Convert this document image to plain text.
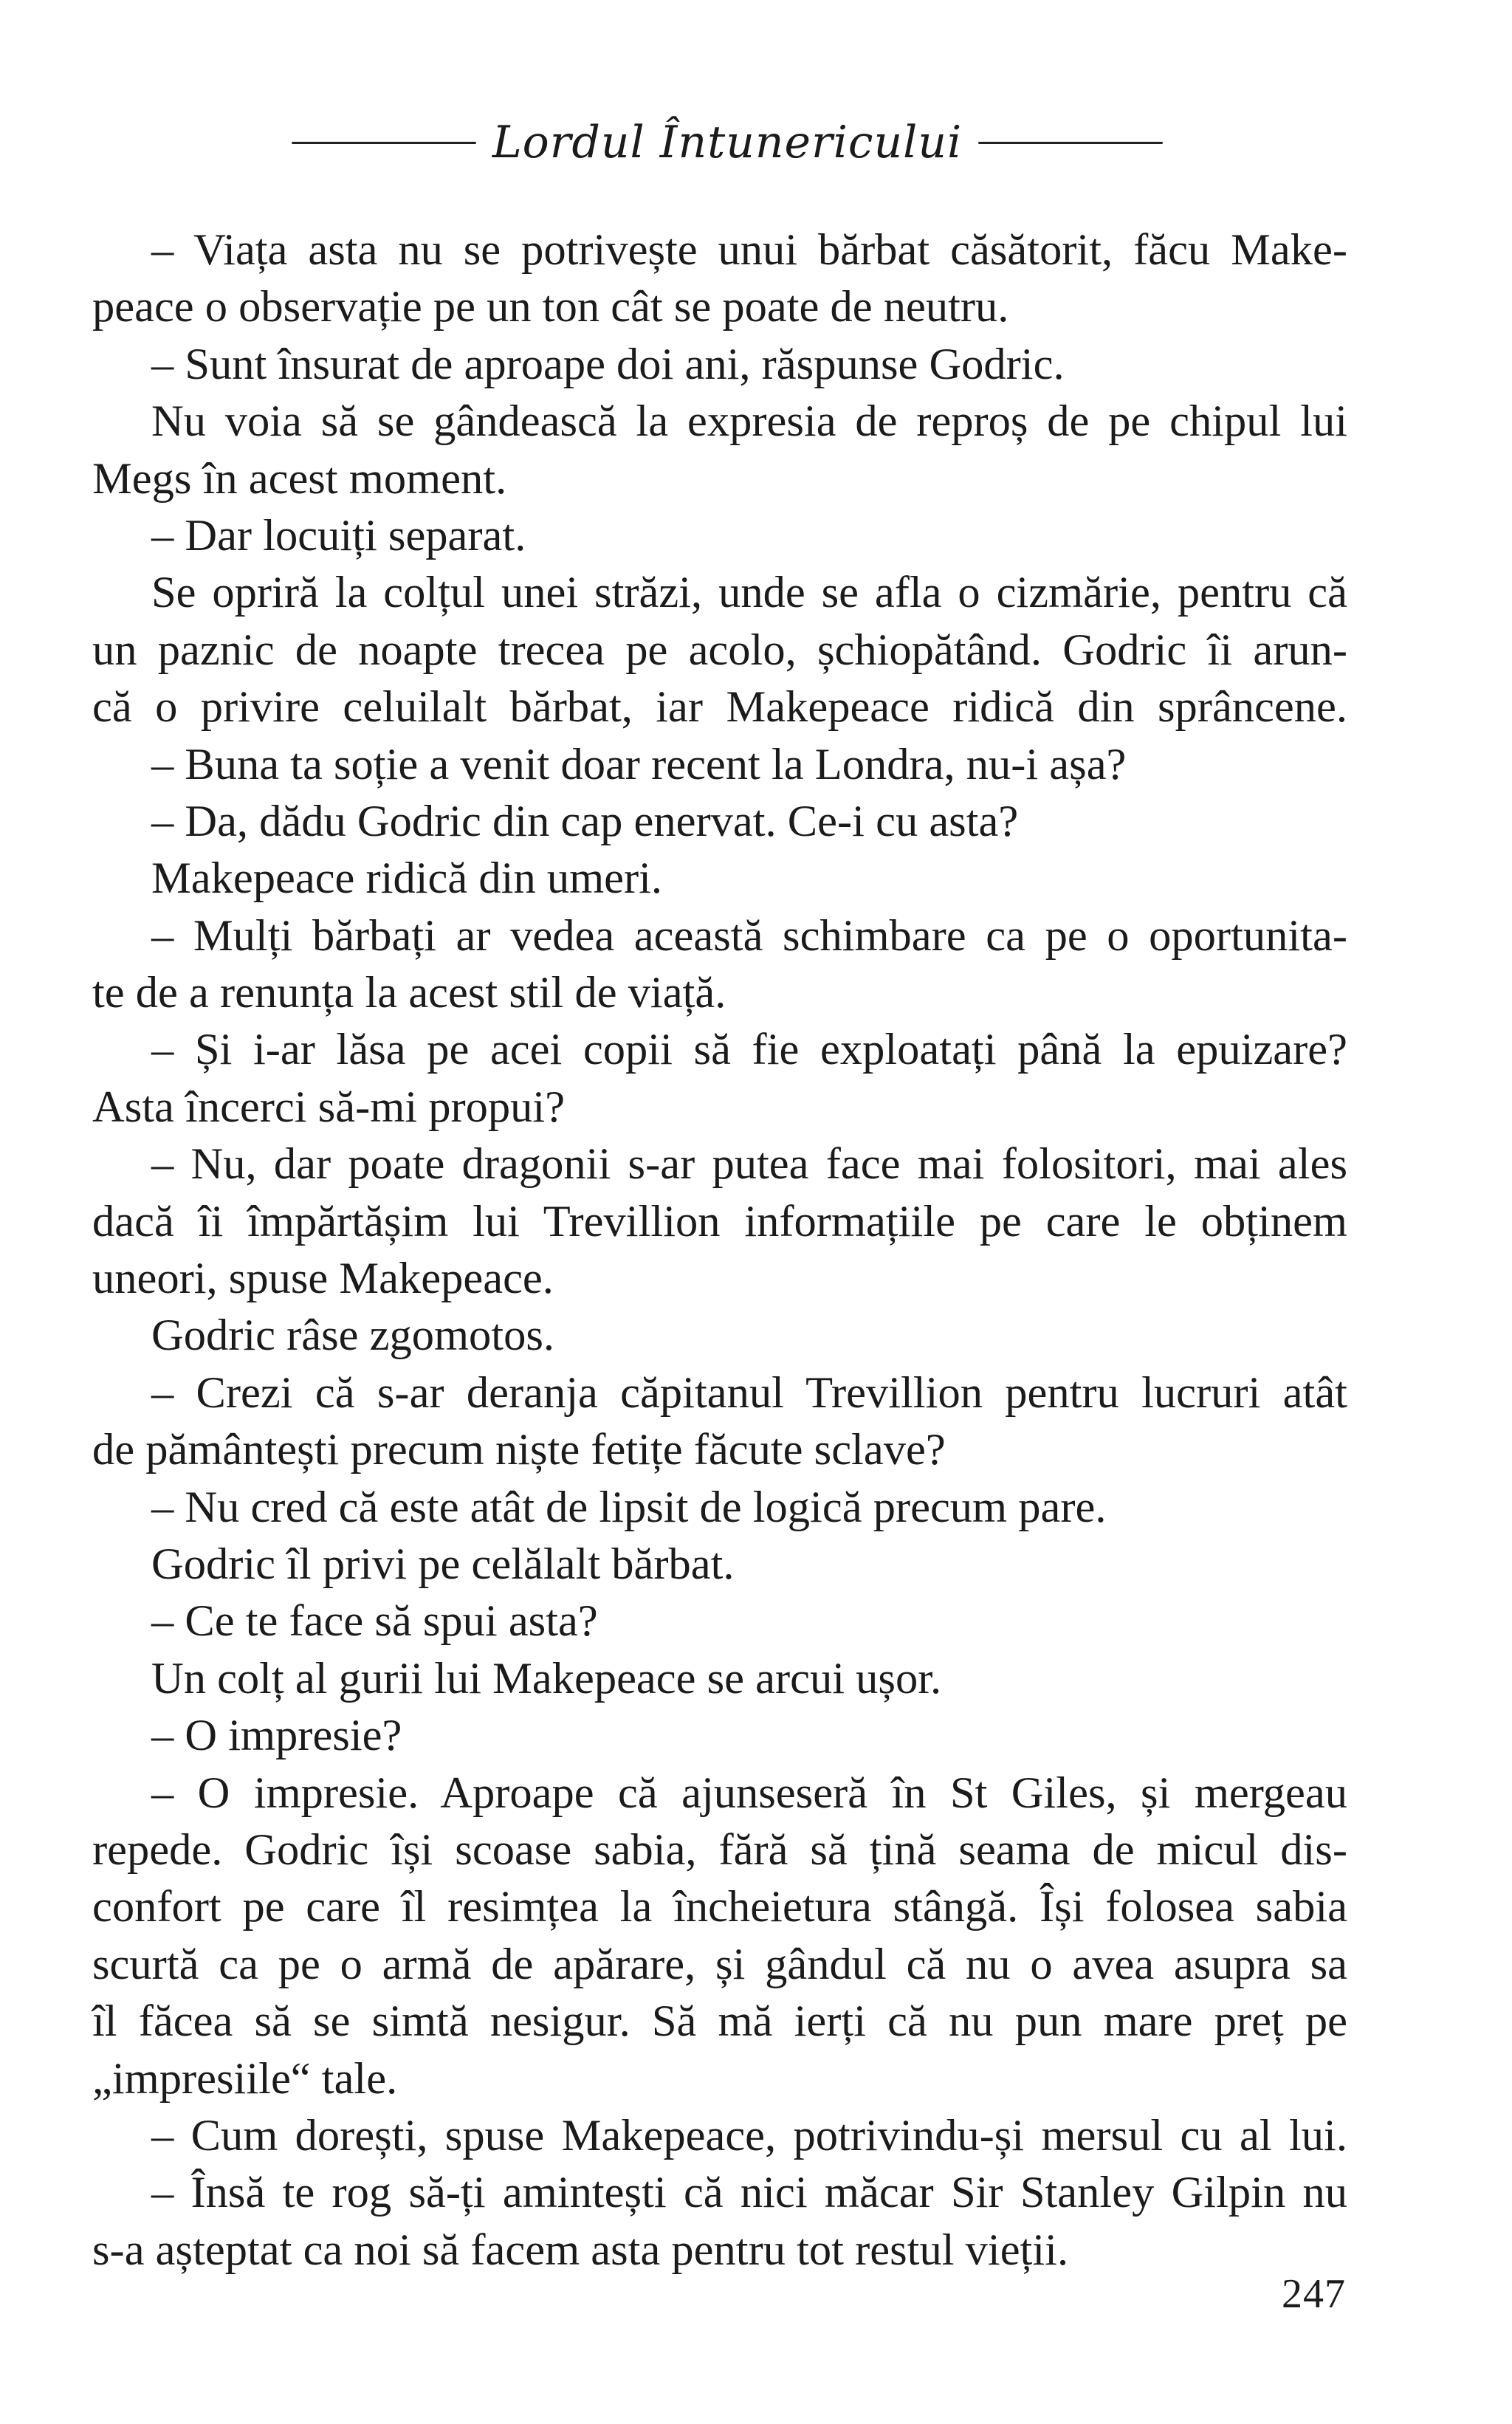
Lordul Întunericului
– Viața asta nu se potrivește unui bărbat căsătorit, făcu Make-
peace o observație pe un ton cât se poate de neutru.
– Sunt însurat de aproape doi ani, răspunse Godric.
Nu voia să se gândească la expresia de reproș de pe chipul lui
Megs în acest moment.
– Dar locuiți separat.
Se opriră la colțul unei străzi, unde se afla o cizmărie, pentru că
un paznic de noapte trecea pe acolo, șchiopătând. Godric îi arun-
că o privire celuilalt bărbat, iar Makepeace ridică din sprâncene.
– Buna ta soție a venit doar recent la Londra, nu-i așa?
– Da, dădu Godric din cap enervat. Ce-i cu asta?
Makepeace ridică din umeri.
– Mulți bărbați ar vedea această schimbare ca pe o oportunita-
te de a renunța la acest stil de viață.
– Și i-ar lăsa pe acei copii să fie exploatați până la epuizare?
Asta încerci să-mi propui?
– Nu, dar poate dragonii s-ar putea face mai folositori, mai ales
dacă îi împărtășim lui Trevillion informațiile pe care le obținem
uneori, spuse Makepeace.
Godric râse zgomotos.
– Crezi că s-ar deranja căpitanul Trevillion pentru lucruri atât
de pământești precum niște fetițe făcute sclave?
– Nu cred că este atât de lipsit de logică precum pare.
Godric îl privi pe celălalt bărbat.
– Ce te face să spui asta?
Un colț al gurii lui Makepeace se arcui ușor.
– O impresie?
– O impresie. Aproape că ajunseseră în St Giles, și mergeau
repede. Godric își scoase sabia, fără să țină seama de micul dis-
confort pe care îl resimțea la încheietura stângă. Își folosea sabia
scurtă ca pe o armă de apărare, și gândul că nu o avea asupra sa
îl făcea să se simtă nesigur. Să mă ierți că nu pun mare preț pe
„impresiile“ tale.
– Cum dorești, spuse Makepeace, potrivindu-și mersul cu al lui.
– Însă te rog să-ți amintești că nici măcar Sir Stanley Gilpin nu
s-a așteptat ca noi să facem asta pentru tot restul vieții.
247
